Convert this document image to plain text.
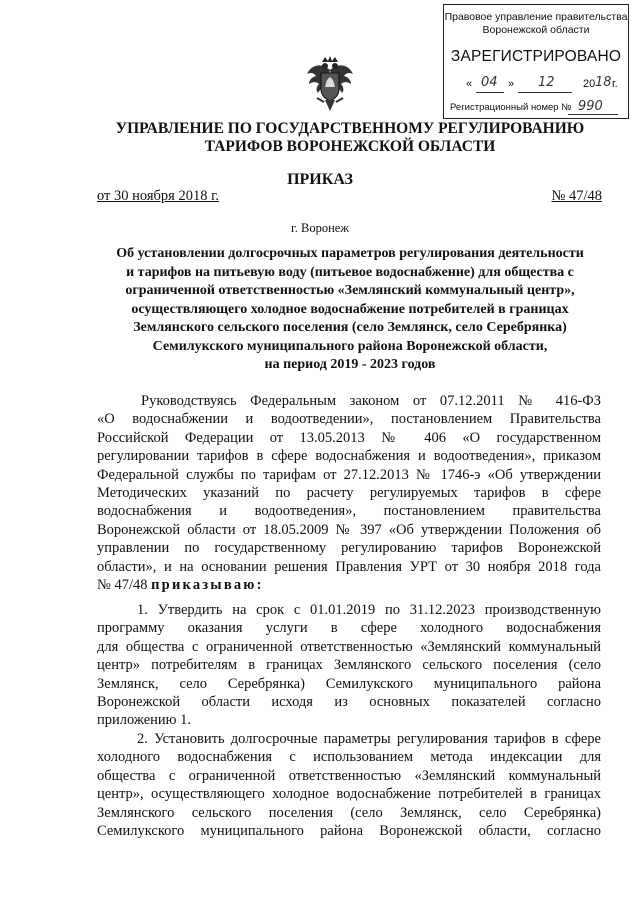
Правовое управление правительства
Воронежской области
ЗАРЕГИСТРИРОВАНО
« 04 » 12	20 18 г.
Регистрационный номер № 990
УПРАВЛЕНИЕ ПО ГОСУДАРСТВЕННОМУ РЕГУЛИРОВАНИЮ
ТАРИФОВ ВОРОНЕЖСКОЙ ОБЛАСТИ
ПРИКАЗ
от 30 ноября 2018 г.	№ 47/48
г. Воронеж
Об установлении долгосрочных параметров регулирования деятельности
и тарифов на питьевую воду (питьевое водоснабжение) для общества с
ограниченной ответственностью «Землянский коммунальный центр»,
осуществляющего холодное водоснабжение потребителей в границах
Землянского сельского поселения (село Землянск, село Серебрянка)
Семилукского муниципального района Воронежской области,
на период 2019 - 2023 годов
Руководствуясь Федеральным законом от 07.12.2011 № 416-ФЗ
«О водоснабжении и водоотведении», постановлением Правительства
Российской Федерации от 13.05.2013 № 406 «О государственном
регулировании тарифов в сфере водоснабжения и водоотведения», приказом
Федеральной службы по тарифам от 27.12.2013 № 1746-э «Об утверждении
Методических указаний по расчету регулируемых тарифов в сфере
водоснабжения и водоотведения», постановлением правительства
Воронежской области от 18.05.2009 № 397 «Об утверждении Положения об
управлении по государственному регулированию тарифов Воронежской
области», и на основании решения Правления УРТ от 30 ноября 2018 года
№ 47/48 приказываю:
1. Утвердить на срок с 01.01.2019 по 31.12.2023 производственную
программу оказания услуги в сфере холодного водоснабжения
для общества с ограниченной ответственностью «Землянский коммунальный
центр» потребителям в границах Землянского сельского поселения (село
Землянск, село Серебрянка) Семилукского муниципального района
Воронежской области исходя из основных показателей согласно
приложению 1.
2. Установить долгосрочные параметры регулирования тарифов в сфере
холодного водоснабжения с использованием метода индексации для
общества с ограниченной ответственностью «Землянский коммунальный
центр», осуществляющего холодное водоснабжение потребителей в границах
Землянского сельского поселения (село Землянск, село Серебрянка)
Семилукского муниципального района Воронежской области, согласно
